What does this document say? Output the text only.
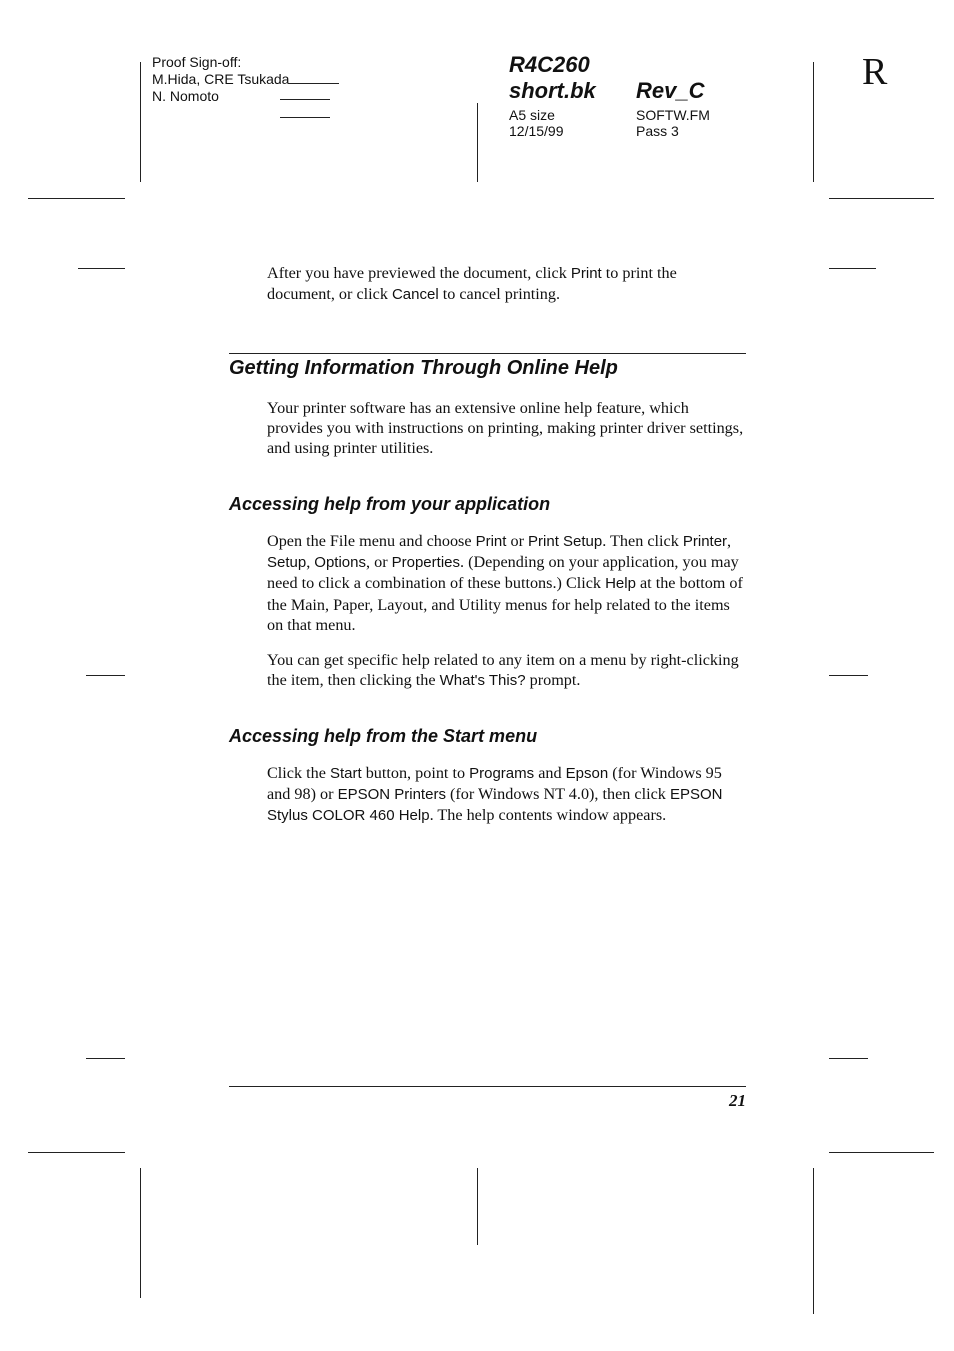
Proof Sign-off:
M.Hida, CRE Tsukada
N. Nomoto
R4C260
short.bk Rev_C
A5 size
12/15/99
SOFTW.FM
Pass 3
R
After you have previewed the document, click Print to print the document, or click Cancel to cancel printing.
Getting Information Through Online Help
Your printer software has an extensive online help feature, which provides you with instructions on printing, making printer driver settings, and using printer utilities.
Accessing help from your application
Open the File menu and choose Print or Print Setup. Then click Printer, Setup, Options, or Properties. (Depending on your application, you may need to click a combination of these buttons.) Click Help at the bottom of the Main, Paper, Layout, and Utility menus for help related to the items on that menu.
You can get specific help related to any item on a menu by right-clicking the item, then clicking the What's This? prompt.
Accessing help from the Start menu
Click the Start button, point to Programs and Epson (for Windows 95 and 98) or EPSON Printers (for Windows NT 4.0), then click EPSON Stylus COLOR 460 Help. The help contents window appears.
21
